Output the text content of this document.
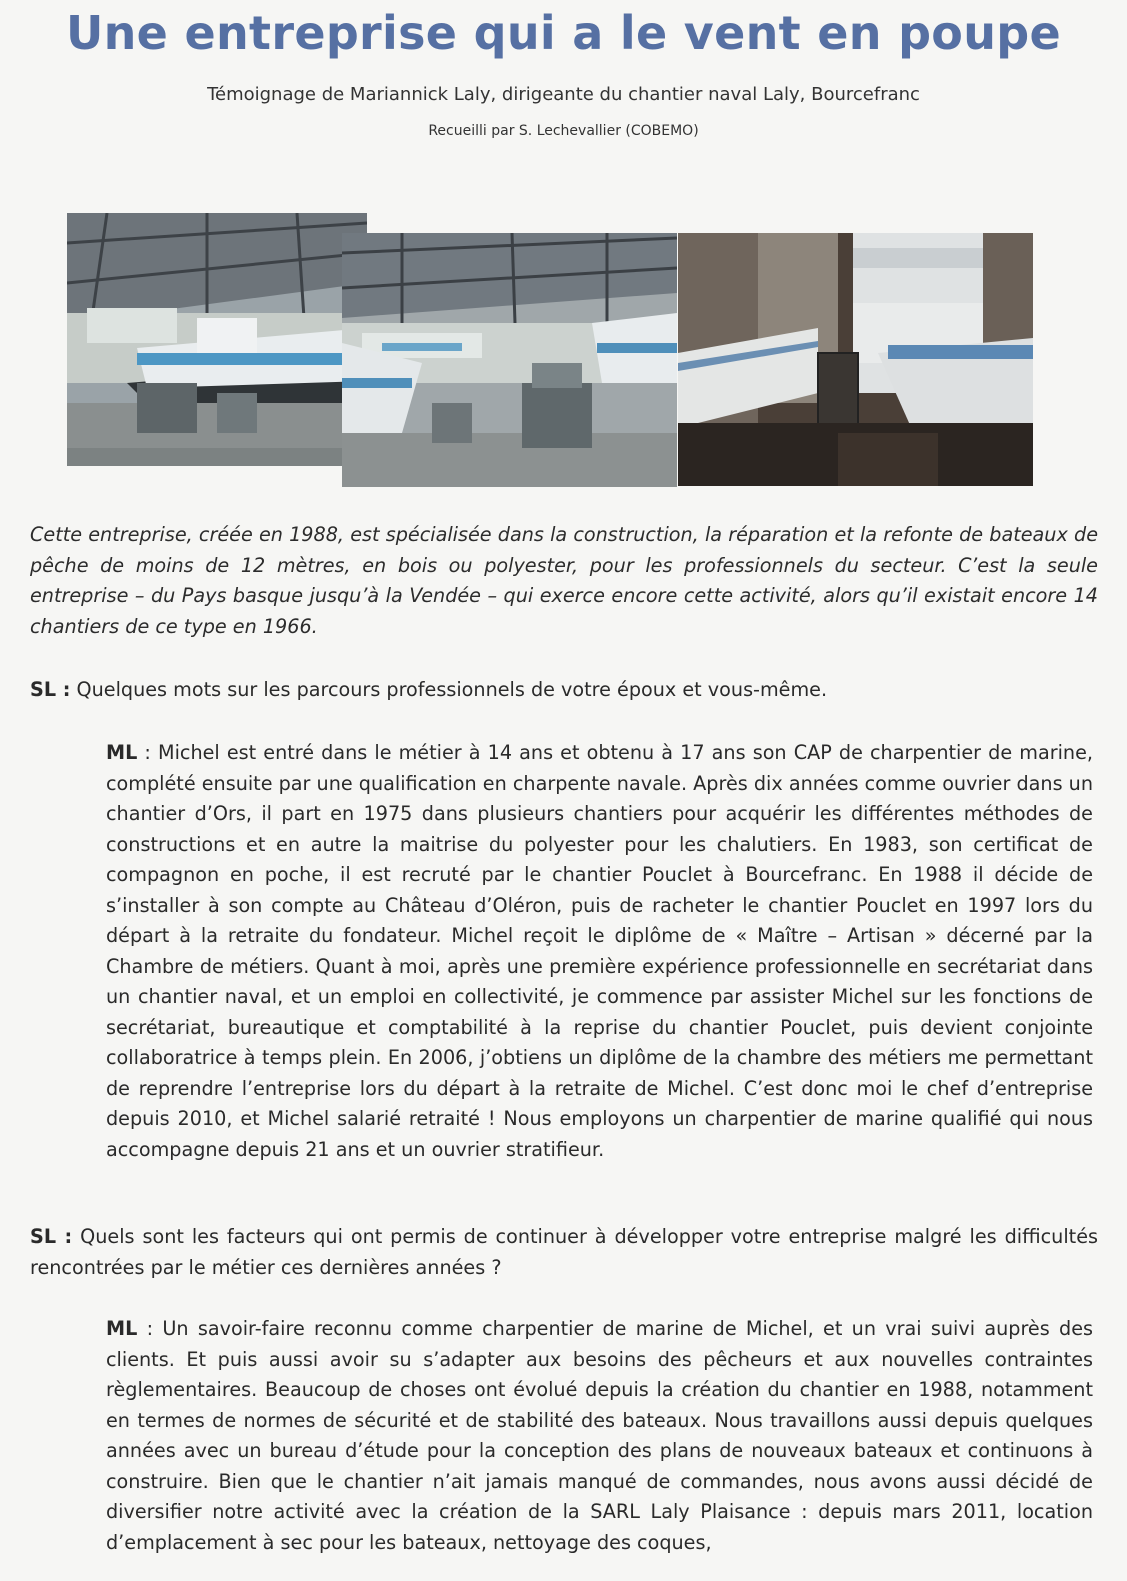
Une entreprise qui a le vent en poupe
Témoignage de Mariannick Laly, dirigeante du chantier naval Laly, Bourcefranc
Recueilli par S. Lechevallier (COBEMO)
Cette entreprise, créée en 1988, est spécialisée dans la construction, la réparation et la refonte de bateaux de pêche de moins de 12 mètres, en bois ou polyester, pour les professionnels du secteur. C’est la seule entreprise – du Pays basque jusqu’à la Vendée – qui exerce encore cette activité, alors qu’il existait encore 14 chantiers de ce type en 1966.
SL : Quelques mots sur les parcours professionnels de votre époux et vous-même.
ML : Michel est entré dans le métier à 14 ans et obtenu à 17 ans son CAP de charpentier de marine, complété ensuite par une qualification en charpente navale. Après dix années comme ouvrier dans un chantier d’Ors, il part en 1975 dans plusieurs chantiers pour acquérir les différentes méthodes de constructions et en autre la maitrise du polyester pour les chalutiers. En 1983, son certificat de compagnon en poche, il est recruté par le chantier Pouclet à Bourcefranc. En 1988 il décide de s’installer à son compte au Château d’Oléron, puis de racheter le chantier Pouclet en 1997 lors du départ à la retraite du fondateur. Michel reçoit le diplôme de « Maître – Artisan » décerné par la Chambre de métiers. Quant à moi, après une première expérience professionnelle en secrétariat dans un chantier naval, et un emploi en collectivité, je commence par assister Michel sur les fonctions de secrétariat, bureautique et comptabilité à la reprise du chantier Pouclet, puis devient conjointe collaboratrice à temps plein. En 2006, j’obtiens un diplôme de la chambre des métiers me permettant de reprendre l’entreprise lors du départ à la retraite de Michel. C’est donc moi le chef d’entreprise depuis 2010, et Michel salarié retraité ! Nous employons un charpentier de marine qualifié qui nous accompagne depuis 21 ans et un ouvrier stratifieur.
SL : Quels sont les facteurs qui ont permis de continuer à développer votre entreprise malgré les difficultés rencontrées par le métier ces dernières années ?
ML : Un savoir-faire reconnu comme charpentier de marine de Michel, et un vrai suivi auprès des clients. Et puis aussi avoir su s’adapter aux besoins des pêcheurs et aux nouvelles contraintes règlementaires. Beaucoup de choses ont évolué depuis la création du chantier en 1988, notamment en termes de normes de sécurité et de stabilité des bateaux. Nous travaillons aussi depuis quelques années avec un bureau d’étude pour la conception des plans de nouveaux bateaux et continuons à construire. Bien que le chantier n’ait jamais manqué de commandes, nous avons aussi décidé de diversifier notre activité avec la création de la SARL Laly Plaisance : depuis mars 2011, location d’emplacement à sec pour les bateaux, nettoyage des coques,
